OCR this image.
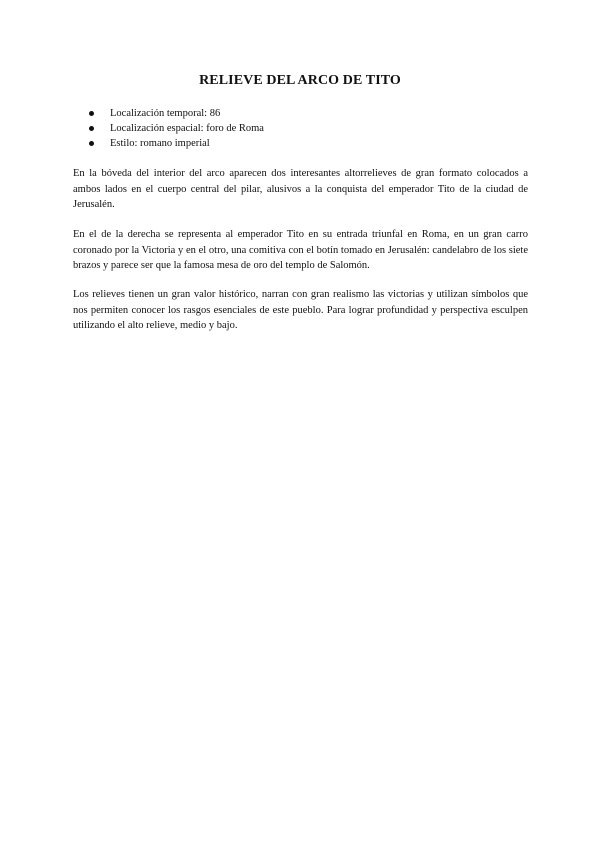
RELIEVE DEL ARCO DE TITO
Localización temporal: 86
Localización espacial: foro de Roma
Estilo: romano imperial

En la bóveda del interior del arco aparecen dos interesantes altorrelieves de gran formato colocados a ambos lados en el cuerpo central del pilar, alusivos a la conquista del emperador Tito de la ciudad de Jerusalén.

En el de la derecha se representa al emperador Tito en su entrada triunfal en Roma, en un gran carro coronado por la Victoria y en el otro, una comitiva con el botín tomado en Jerusalén: candelabro de los siete brazos y parece ser que la famosa mesa de oro del templo de Salomón.

Los relieves tienen un gran valor histórico, narran con gran realismo las victorias y utilizan símbolos que nos permiten conocer los rasgos esenciales de este pueblo. Para lograr profundidad y perspectiva esculpen utilizando el alto relieve, medio y bajo.
